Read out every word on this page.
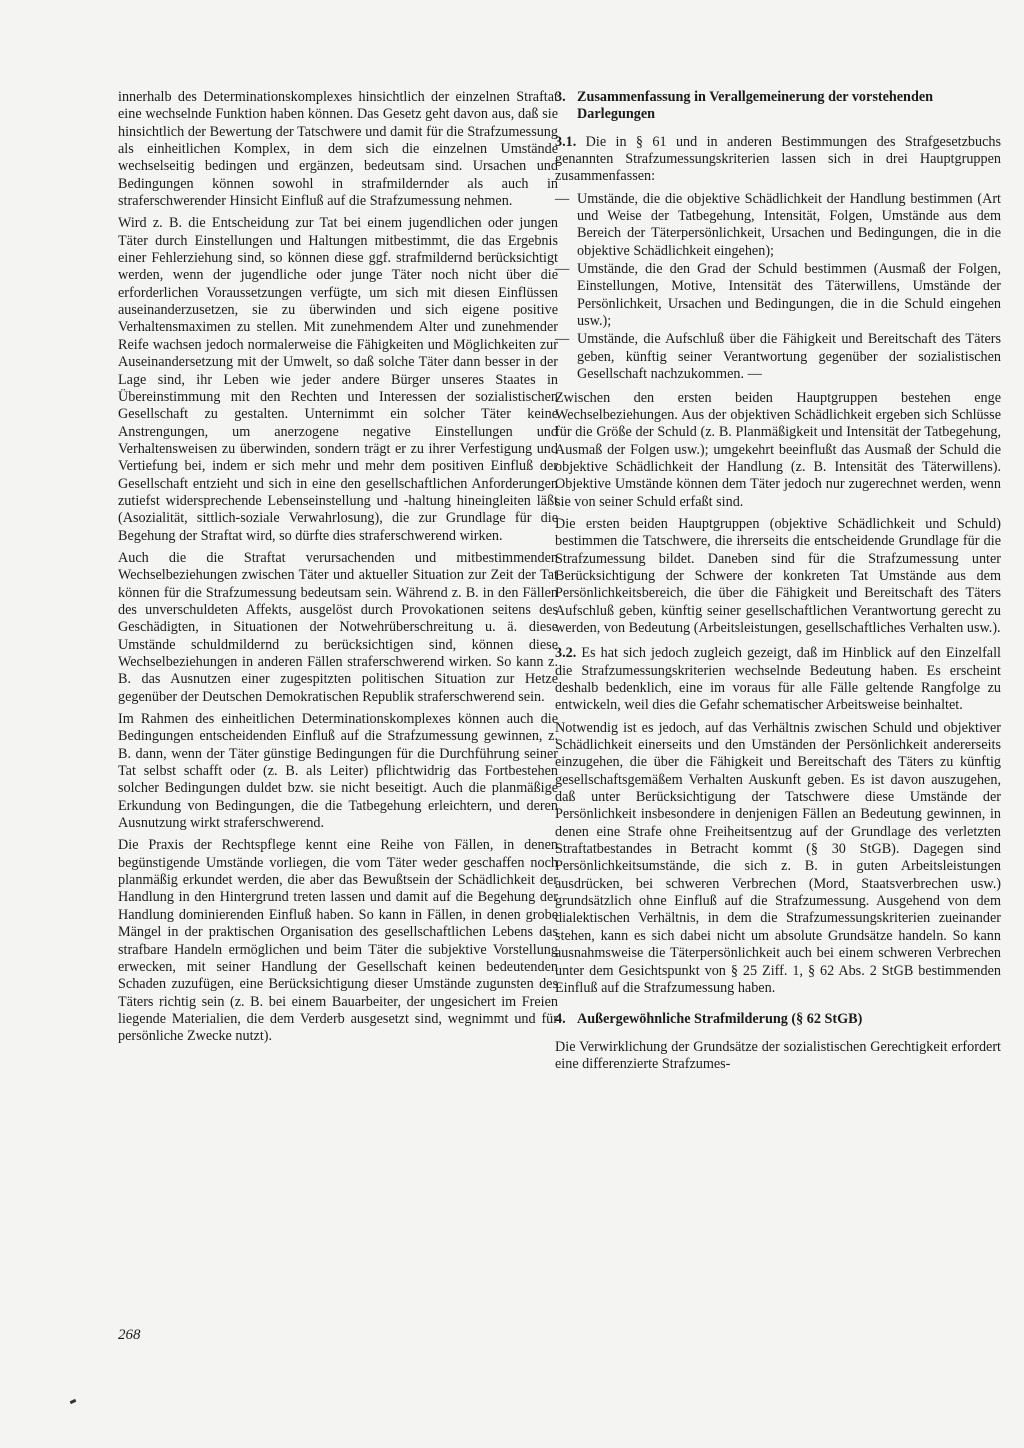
innerhalb des Determinationskomplexes hinsichtlich der einzelnen Straftat eine wechselnde Funktion haben können. Das Gesetz geht davon aus, daß sie hinsichtlich der Bewertung der Tatschwere und damit für die Strafzumessung als einheitlichen Komplex, in dem sich die einzelnen Umstände wechselseitig bedingen und ergänzen, bedeutsam sind. Ursachen und Bedingungen können sowohl in strafmildernder als auch in straferschwerender Hinsicht Einfluß auf die Strafzumessung nehmen.

Wird z. B. die Entscheidung zur Tat bei einem jugendlichen oder jungen Täter durch Einstellungen und Haltungen mitbestimmt, die das Ergebnis einer Fehlerziehung sind, so können diese ggf. strafmildernd berücksichtigt werden, wenn der jugendliche oder junge Täter noch nicht über die erforderlichen Voraussetzungen verfügte, um sich mit diesen Einflüssen auseinanderzusetzen, sie zu überwinden und sich eigene positive Verhaltensmaximen zu stellen. Mit zunehmendem Alter und zunehmender Reife wachsen jedoch normalerweise die Fähigkeiten und Möglichkeiten zur Auseinandersetzung mit der Umwelt, so daß solche Täter dann besser in der Lage sind, ihr Leben wie jeder andere Bürger unseres Staates in Übereinstimmung mit den Rechten und Interessen der sozialistischen Gesellschaft zu gestalten. Unternimmt ein solcher Täter keine Anstrengungen, um anerzogene negative Einstellungen und Verhaltensweisen zu überwinden, sondern trägt er zu ihrer Verfestigung und Vertiefung bei, indem er sich mehr und mehr dem positiven Einfluß der Gesellschaft entzieht und sich in eine den gesellschaftlichen Anforderungen zutiefst widersprechende Lebenseinstellung und -haltung hineingleiten läßt (Asozialität, sittlich-soziale Verwahrlosung), die zur Grundlage für die Begehung der Straftat wird, so dürfte dies straferschwerend wirken.

Auch die die Straftat verursachenden und mitbestimmenden Wechselbeziehungen zwischen Täter und aktueller Situation zur Zeit der Tat können für die Strafzumessung bedeutsam sein. Während z. B. in den Fällen des unverschuldeten Affekts, ausgelöst durch Provokationen seitens des Geschädigten, in Situationen der Notwehrüberschreitung u. ä. diese Umstände schuldmildernd zu berücksichtigen sind, können diese Wechselbeziehungen in anderen Fällen straferschwerend wirken. So kann z. B. das Ausnutzen einer zugespitzten politischen Situation zur Hetze gegenüber der Deutschen Demokratischen Republik straferschwerend sein.

Im Rahmen des einheitlichen Determinationskomplexes können auch die Bedingungen entscheidenden Einfluß auf die Strafzumessung gewinnen, z. B. dann, wenn der Täter günstige Bedingungen für die Durchführung seiner Tat selbst schafft oder (z. B. als Leiter) pflichtwidrig das Fortbestehen solcher Bedingungen duldet bzw. sie nicht beseitigt. Auch die planmäßige Erkundung von Bedingungen, die die Tatbegehung erleichtern, und deren Ausnutzung wirkt straferschwerend.

Die Praxis der Rechtspflege kennt eine Reihe von Fällen, in denen begünstigende Umstände vorliegen, die vom Täter weder geschaffen noch planmäßig erkundet werden, die aber das Bewußtsein der Schädlichkeit der Handlung in den Hintergrund treten lassen und damit auf die Begehung der Handlung dominierenden Einfluß haben. So kann in Fällen, in denen grobe Mängel in der praktischen Organisation des gesellschaftlichen Lebens das strafbare Handeln ermöglichen und beim Täter die subjektive Vorstellung erwecken, mit seiner Handlung der Gesellschaft keinen bedeutenden Schaden zuzufügen, eine Berücksichtigung dieser Umstände zugunsten des Täters richtig sein (z. B. bei einem Bauarbeiter, der ungesichert im Freien liegende Materialien, die dem Verderb ausgesetzt sind, wegnimmt und für persönliche Zwecke nutzt).

3. Zusammenfassung in Verallgemeinerung der vorstehenden Darlegungen

3.1. Die in § 61 und in anderen Bestimmungen des Strafgesetzbuchs genannten Strafzumessungskriterien lassen sich in drei Hauptgruppen zusammenfassen:

— Umstände, die die objektive Schädlichkeit der Handlung bestimmen (Art und Weise der Tatbegehung, Intensität, Folgen, Umstände aus dem Bereich der Täterpersönlichkeit, Ursachen und Bedingungen, die in die objektive Schädlichkeit eingehen);
— Umstände, die den Grad der Schuld bestimmen (Ausmaß der Folgen, Einstellungen, Motive, Intensität des Täterwillens, Umstände der Persönlichkeit, Ursachen und Bedingungen, die in die Schuld eingehen usw.);
— Umstände, die Aufschluß über die Fähigkeit und Bereitschaft des Täters geben, künftig seiner Verantwortung gegenüber der sozialistischen Gesellschaft nachzukommen. —

Zwischen den ersten beiden Hauptgruppen bestehen enge Wechselbeziehungen. Aus der objektiven Schädlichkeit ergeben sich Schlüsse für die Größe der Schuld (z. B. Planmäßigkeit und Intensität der Tatbegehung, Ausmaß der Folgen usw.); umgekehrt beeinflußt das Ausmaß der Schuld die objektive Schädlichkeit der Handlung (z. B. Intensität des Täterwillens). Objektive Umstände können dem Täter jedoch nur zugerechnet werden, wenn sie von seiner Schuld erfaßt sind.

Die ersten beiden Hauptgruppen (objektive Schädlichkeit und Schuld) bestimmen die Tatschwere, die ihrerseits die entscheidende Grundlage für die Strafzumessung bildet. Daneben sind für die Strafzumessung unter Berücksichtigung der Schwere der konkreten Tat Umstände aus dem Persönlichkeitsbereich, die über die Fähigkeit und Bereitschaft des Täters Aufschluß geben, künftig seiner gesellschaftlichen Verantwortung gerecht zu werden, von Bedeutung (Arbeitsleistungen, gesellschaftliches Verhalten usw.).

3.2. Es hat sich jedoch zugleich gezeigt, daß im Hinblick auf den Einzelfall die Strafzumessungskriterien wechselnde Bedeutung haben. Es erscheint deshalb bedenklich, eine im voraus für alle Fälle geltende Rangfolge zu entwickeln, weil dies die Gefahr schematischer Arbeitsweise beinhaltet.

Notwendig ist es jedoch, auf das Verhältnis zwischen Schuld und objektiver Schädlichkeit einerseits und den Umständen der Persönlichkeit andererseits einzugehen, die über die Fähigkeit und Bereitschaft des Täters zu künftig gesellschaftsgemäßem Verhalten Auskunft geben. Es ist davon auszugehen, daß unter Berücksichtigung der Tatschwere diese Umstände der Persönlichkeit insbesondere in denjenigen Fällen an Bedeutung gewinnen, in denen eine Strafe ohne Freiheitsentzug auf der Grundlage des verletzten Straftatbestandes in Betracht kommt (§ 30 StGB). Dagegen sind Persönlichkeitsumstände, die sich z. B. in guten Arbeitsleistungen ausdrücken, bei schweren Verbrechen (Mord, Staatsverbrechen usw.) grundsätzlich ohne Einfluß auf die Strafzumessung. Ausgehend von dem dialektischen Verhältnis, in dem die Strafzumessungskriterien zueinander stehen, kann es sich dabei nicht um absolute Grundsätze handeln. So kann ausnahmsweise die Täterpersönlichkeit auch bei einem schweren Verbrechen unter dem Gesichtspunkt von § 25 Ziff. 1, § 62 Abs. 2 StGB bestimmenden Einfluß auf die Strafzumessung haben.

4. Außergewöhnliche Strafmilderung (§ 62 StGB)

Die Verwirklichung der Grundsätze der sozialistischen Gerechtigkeit erfordert eine differenzierte Strafzumes-

268
